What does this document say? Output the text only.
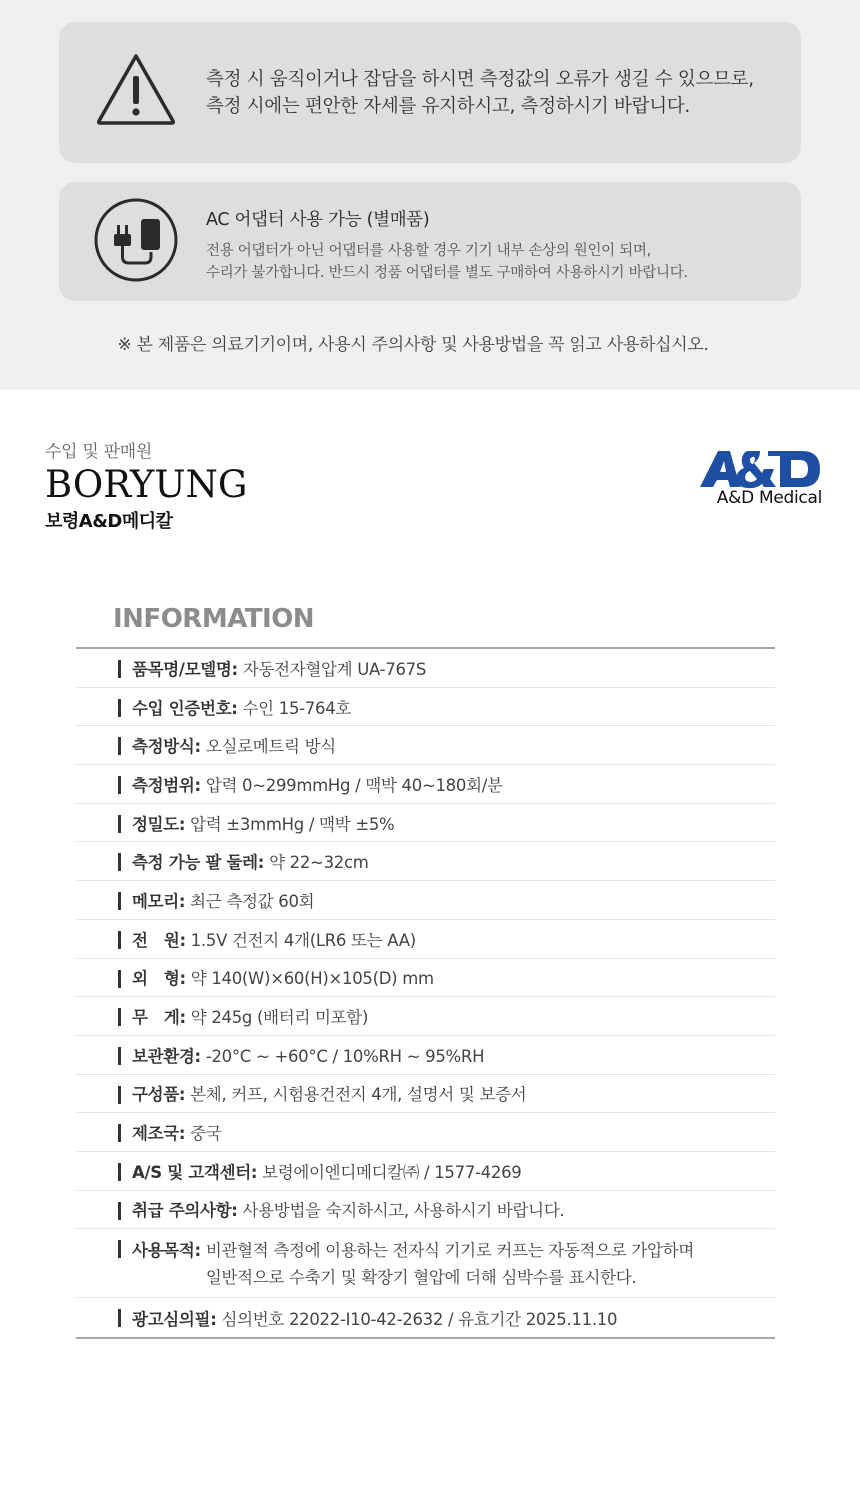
측정 시 움직이거나 잡담을 하시면 측정값의 오류가 생길 수 있으므로,
측정 시에는 편안한 자세를 유지하시고, 측정하시기 바랍니다.
AC 어댑터 사용 가능 (별매품)
전용 어댑터가 아닌 어댑터를 사용할 경우 기기 내부 손상의 원인이 되며,
수리가 불가합니다. 반드시 정품 어댑터를 별도 구매하여 사용하시기 바랍니다.
※ 본 제품은 의료기기이며, 사용시 주의사항 및 사용방법을 꼭 읽고 사용하십시오.
수입 및 판매원
BORYUNG
보령A&D메디칼
A&D Medical
INFORMATION
품목명/모델명: 자동전자혈압계 UA-767S
수입 인증번호: 수인 15-764호
측정방식: 오실로메트릭 방식
측정범위: 압력 0~299mmHg / 맥박 40~180회/분
정밀도: 압력 ±3mmHg / 맥박 ±5%
측정 가능 팔 둘레: 약 22~32cm
메모리: 최근 측정값 60회
전　원: 1.5V 건전지 4개(LR6 또는 AA)
외　형: 약 140(W)×60(H)×105(D) mm
무　게: 약 245g (배터리 미포함)
보관환경: -20°C ~ +60°C / 10%RH ~ 95%RH
구성품: 본체, 커프, 시험용건전지 4개, 설명서 및 보증서
제조국: 중국
A/S 및 고객센터: 보령에이엔디메디칼㈜ / 1577-4269
취급 주의사항: 사용방법을 숙지하시고, 사용하시기 바랍니다.
사용목적:
비관혈적 측정에 이용하는 전자식 기기로 커프는 자동적으로 가압하며
일반적으로 수축기 및 확장기 혈압에 더해 심박수를 표시한다.
광고심의필: 심의번호 22022-I10-42-2632 / 유효기간 2025.11.10
